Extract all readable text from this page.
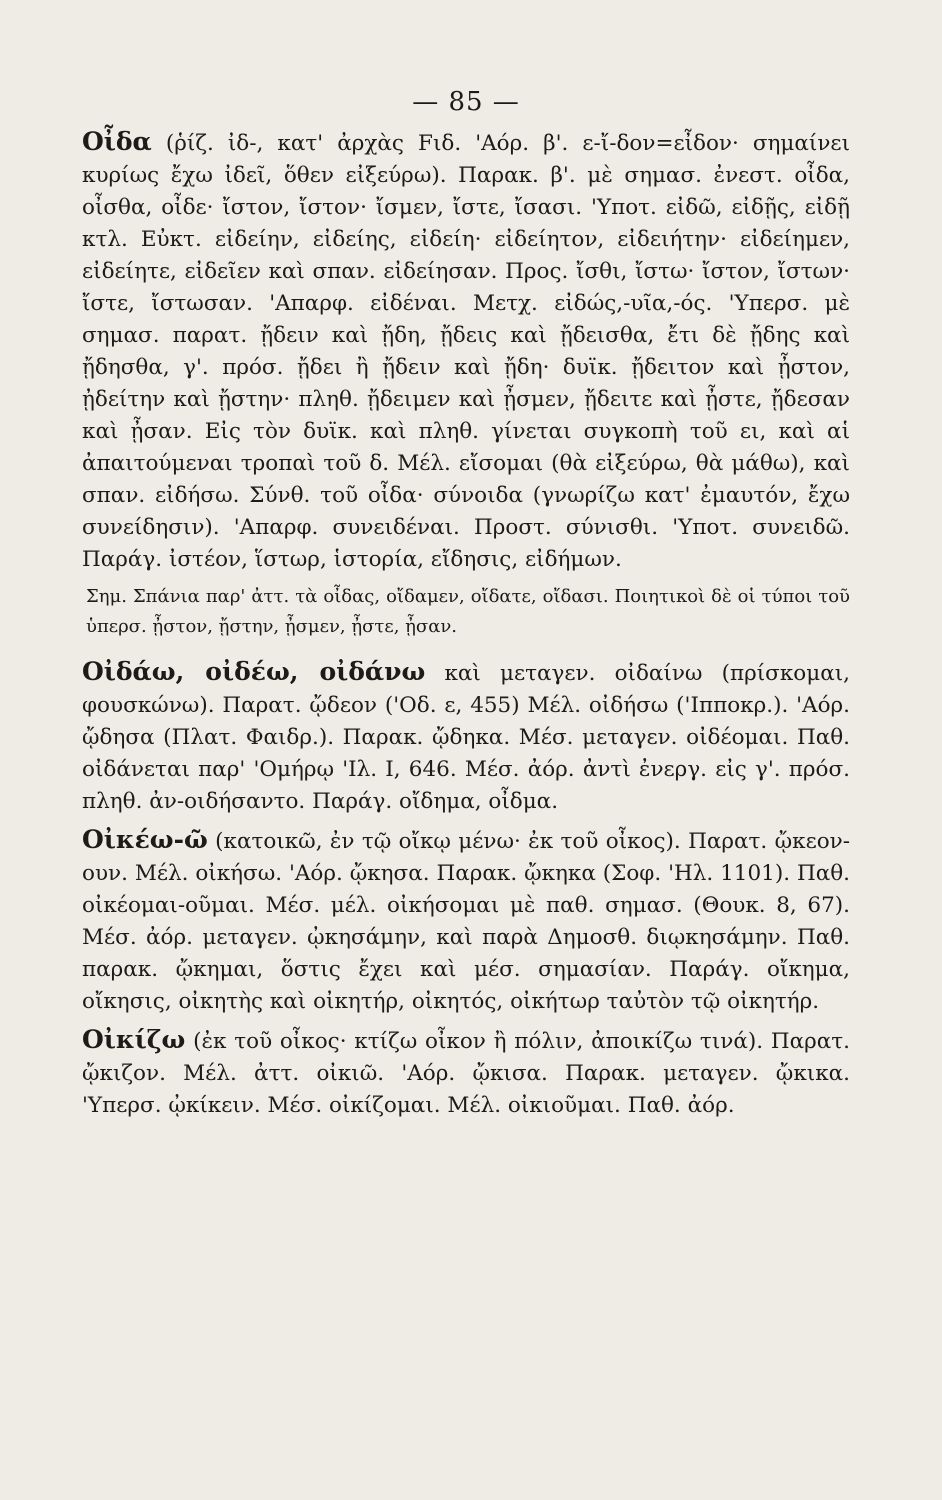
— 85 —

Οἶδα (ῥίζ. ἰδ-, κατ' ἀρχὰς Fιδ. 'Αόρ. β'. ε-ἴ-δον=εἶδον· σημαίνει κυρίως ἔχω ἰδεῖ, ὅθεν εἰξεύρω). Παρακ. β'. μὲ σημασ. ἐνεστ. οἶδα, οἶσθα, οἶδε· ἴστον, ἴστον· ἴσμεν, ἴστε, ἴσασι. 'Υποτ. εἰδῶ, εἰδῇς, εἰδῇ κτλ. Εὐκτ. εἰδείην, εἰδείης, εἰδείη· εἰδείητον, εἰδειήτην· εἰδείημεν, εἰδείητε, εἰδεῖεν καὶ σπαν. εἰδείησαν. Προς. ἴσθι, ἴστω· ἴστον, ἴστων· ἴστε, ἴστωσαν. 'Απαρφ. εἰδέναι. Μετχ. εἰδώς,-υῖα,-ός. 'Υπερσ. μὲ σημασ. παρατ. ᾔδειν καὶ ᾔδη, ᾔδεις καὶ ᾔδεισθα, ἔτι δὲ ᾔδης καὶ ᾔδησθα, γ'. πρόσ. ᾔδει ἢ ᾔδειν καὶ ᾔδη· δυϊκ. ᾔδειτον καὶ ᾖστον, ᾐδείτην καὶ ᾔστην· πληθ. ᾔδειμεν καὶ ᾖσμεν, ᾔδειτε καὶ ᾖστε, ᾔδεσαν καὶ ᾖσαν. Εἰς τὸν δυϊκ. καὶ πληθ. γίνεται συγκοπὴ τοῦ ει, καὶ αἱ ἀπαιτούμεναι τροπαὶ τοῦ δ. Μέλ. εἴσομαι (θὰ εἰξεύρω, θὰ μάθω), καὶ σπαν. εἰδήσω. Σύνθ. τοῦ οἶδα· σύνοιδα (γνωρίζω κατ' ἐμαυτόν, ἔχω συνείδησιν). 'Απαρφ. συνειδέναι. Προστ. σύνισθι. 'Υποτ. συνειδῶ. Παράγ. ἰστέον, ἵστωρ, ἱστορία, εἴδησις, εἰδήμων.

Σημ. Σπάνια παρ' ἀττ. τὰ οἶδας, οἴδαμεν, οἴδατε, οἴδασι. Ποιητικοὶ δὲ οἱ τύποι τοῦ ὑπερσ. ᾖστον, ᾔστην, ᾖσμεν, ᾖστε, ᾖσαν.

Οἰδάω, οἰδέω, οἰδάνω καὶ μεταγεν. οἰδαίνω (πρίσκομαι, φουσκώνω). Παρατ. ᾤδεον ('Οδ. ε, 455) Μέλ. οἰδήσω ('Ιπποκρ.). 'Αόρ. ᾤδησα (Πλατ. Φαιδρ.). Παρακ. ᾤδηκα. Μέσ. μεταγεν. οἰδέομαι. Παθ. οἰδάνεται παρ' 'Ομήρῳ 'Ιλ. Ι, 646. Μέσ. ἀόρ. ἀντὶ ἐνεργ. εἰς γ'. πρόσ. πληθ. ἀν-οιδήσαντο. Παράγ. οἴδημα, οἶδμα.

Οἰκέω-ῶ (κατοικῶ, ἐν τῷ οἴκῳ μένω· ἐκ τοῦ οἶκος). Παρατ. ᾤκεον-ουν. Μέλ. οἰκήσω. 'Αόρ. ᾤκησα. Παρακ. ᾤκηκα (Σοφ. 'Ηλ. 1101). Παθ. οἰκέομαι-οῦμαι. Μέσ. μέλ. οἰκήσομαι μὲ παθ. σημασ. (Θουκ. 8, 67). Μέσ. ἀόρ. μεταγεν. ᾠκησάμην, καὶ παρὰ Δημοσθ. διῳκησάμην. Παθ. παρακ. ᾤκημαι, ὅστις ἔχει καὶ μέσ. σημασίαν. Παράγ. οἴκημα, οἴκησις, οἰκητὴς καὶ οἰκητήρ, οἰκητός, οἰκήτωρ ταὐτὸν τῷ οἰκητήρ.

Οἰκίζω (ἐκ τοῦ οἶκος· κτίζω οἶκον ἢ πόλιν, ἀποικίζω τινά). Παρατ. ᾤκιζον. Μέλ. ἀττ. οἰκιῶ. 'Αόρ. ᾤκισα. Παρακ. μεταγεν. ᾤκικα. 'Υπερσ. ᾠκίκειν. Μέσ. οἰκίζομαι. Μέλ. οἰκιοῦμαι. Παθ. ἀόρ.
